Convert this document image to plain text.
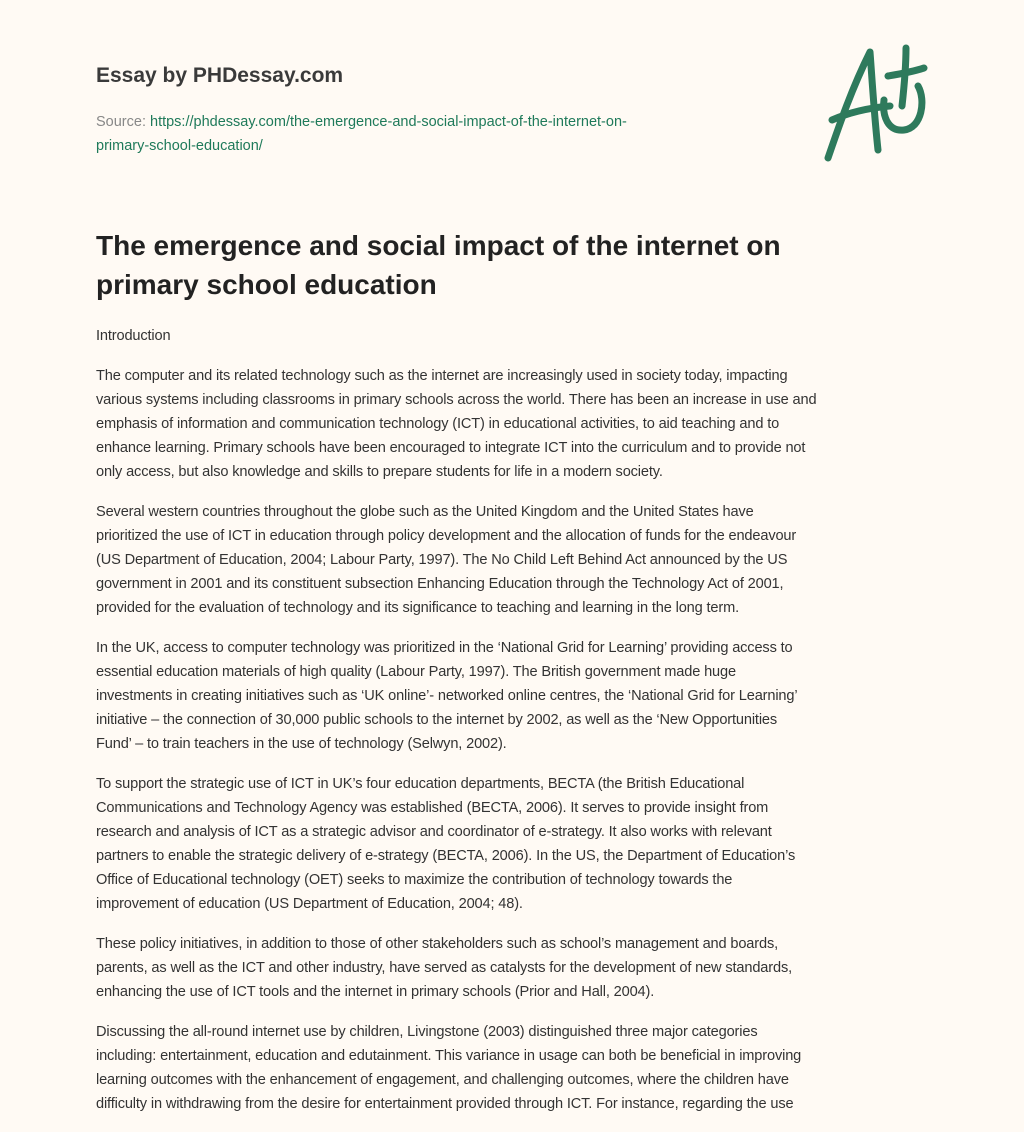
Essay by PHDessay.com
Source: https://phdessay.com/the-emergence-and-social-impact-of-the-internet-on-
primary-school-education/
The emergence and social impact of the internet on
primary school education

Introduction

The computer and its related technology such as the internet are increasingly used in society today, impacting
various systems including classrooms in primary schools across the world. There has been an increase in use and
emphasis of information and communication technology (ICT) in educational activities, to aid teaching and to
enhance learning. Primary schools have been encouraged to integrate ICT into the curriculum and to provide not
only access, but also knowledge and skills to prepare students for life in a modern society.

Several western countries throughout the globe such as the United Kingdom and the United States have
prioritized the use of ICT in education through policy development and the allocation of funds for the endeavour
(US Department of Education, 2004; Labour Party, 1997). The No Child Left Behind Act announced by the US
government in 2001 and its constituent subsection Enhancing Education through the Technology Act of 2001,
provided for the evaluation of technology and its significance to teaching and learning in the long term.

In the UK, access to computer technology was prioritized in the ‘National Grid for Learning’ providing access to
essential education materials of high quality (Labour Party, 1997). The British government made huge
investments in creating initiatives such as ‘UK online’- networked online centres, the ‘National Grid for Learning’
initiative – the connection of 30,000 public schools to the internet by 2002, as well as the ‘New Opportunities
Fund’ – to train teachers in the use of technology (Selwyn, 2002).

To support the strategic use of ICT in UK’s four education departments, BECTA (the British Educational
Communications and Technology Agency was established (BECTA, 2006). It serves to provide insight from
research and analysis of ICT as a strategic advisor and coordinator of e-strategy. It also works with relevant
partners to enable the strategic delivery of e-strategy (BECTA, 2006). In the US, the Department of Education’s
Office of Educational technology (OET) seeks to maximize the contribution of technology towards the
improvement of education (US Department of Education, 2004; 48).

These policy initiatives, in addition to those of other stakeholders such as school’s management and boards,
parents, as well as the ICT and other industry, have served as catalysts for the development of new standards,
enhancing the use of ICT tools and the internet in primary schools (Prior and Hall, 2004).

Discussing the all-round internet use by children, Livingstone (2003) distinguished three major categories
including: entertainment, education and edutainment. This variance in usage can both be beneficial in improving
learning outcomes with the enhancement of engagement, and challenging outcomes, where the children have
difficulty in withdrawing from the desire for entertainment provided through ICT. For instance, regarding the use
